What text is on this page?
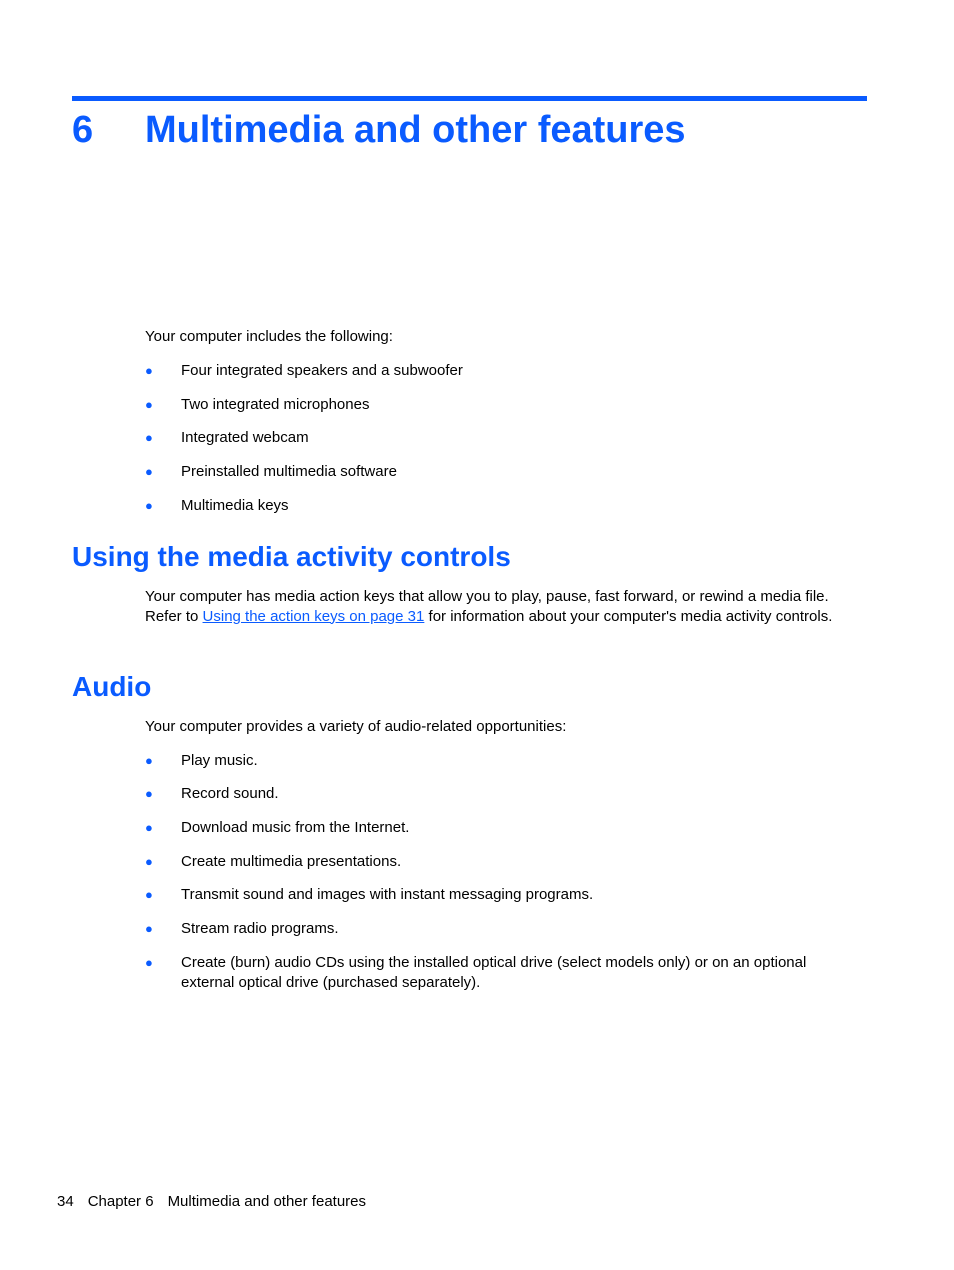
6 Multimedia and other features
Your computer includes the following:
● Four integrated speakers and a subwoofer
● Two integrated microphones
● Integrated webcam
● Preinstalled multimedia software
● Multimedia keys
Using the media activity controls
Your computer has media action keys that allow you to play, pause, fast forward, or rewind a media file. Refer to Using the action keys on page 31 for information about your computer's media activity controls.
Audio
Your computer provides a variety of audio-related opportunities:
● Play music.
● Record sound.
● Download music from the Internet.
● Create multimedia presentations.
● Transmit sound and images with instant messaging programs.
● Stream radio programs.
● Create (burn) audio CDs using the installed optical drive (select models only) or on an optional external optical drive (purchased separately).
34 Chapter 6 Multimedia and other features
